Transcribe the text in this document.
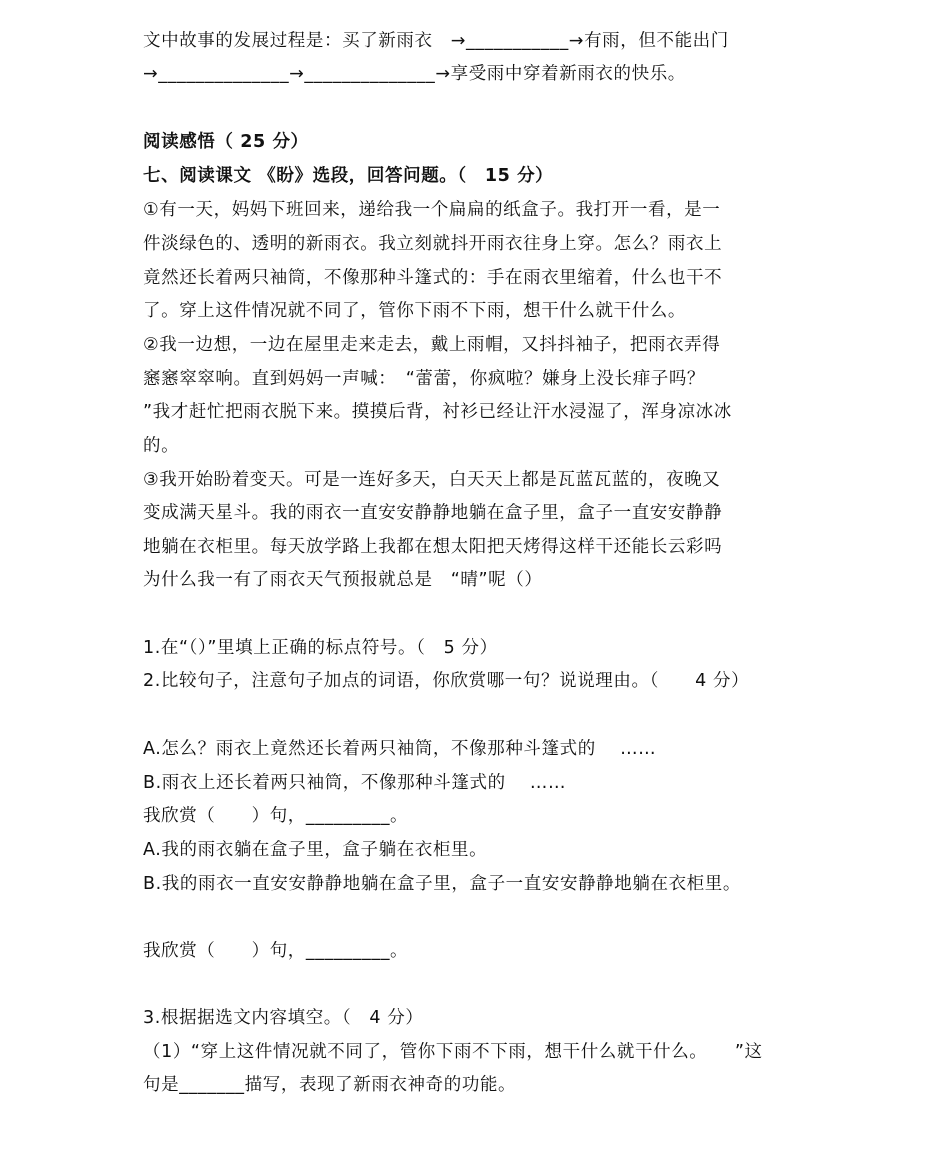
文中故事的发展过程是：买了新雨衣　→___________→有雨，但不能出门
→______________→______________→享受雨中穿着新雨衣的快乐。
阅读感悟（ 25 分）
七、阅读课文 《盼》选段，回答问题。（　15 分）
①有一天，妈妈下班回来，递给我一个扁扁的纸盒子。我打开一看，是一
件淡绿色的、透明的新雨衣。我立刻就抖开雨衣往身上穿。怎么？雨衣上
竟然还长着两只袖筒，不像那种斗篷式的：手在雨衣里缩着，什么也干不
了。穿上这件情况就不同了，管你下雨不下雨，想干什么就干什么。
②我一边想，一边在屋里走来走去，戴上雨帽，又抖抖袖子，把雨衣弄得
窸窸窣窣响。直到妈妈一声喊：　“蕾蕾，你疯啦？嫌身上没长痱子吗？
”我才赶忙把雨衣脱下来。摸摸后背，衬衫已经让汗水浸湿了，浑身凉冰冰
的。
③我开始盼着变天。可是一连好多天，白天天上都是瓦蓝瓦蓝的，夜晚又
变成满天星斗。我的雨衣一直安安静静地躺在盒子里，盒子一直安安静静
地躺在衣柜里。每天放学路上我都在想太阳把天烤得这样干还能长云彩吗
为什么我一有了雨衣天气预报就总是　“晴”呢（）
1.在“（）”里填上正确的标点符号。（　5 分）
2.比较句子，注意句子加点的词语，你欣赏哪一句？说说理由。（　　4 分）
A.怎么？雨衣上竟然还长着两只袖筒，不像那种斗篷式的　 ……
B.雨衣上还长着两只袖筒，不像那种斗篷式的　 ……
我欣赏（　　）句，_________。
A.我的雨衣躺在盒子里，盒子躺在衣柜里。
B.我的雨衣一直安安静静地躺在盒子里，盒子一直安安静静地躺在衣柜里。
我欣赏（　　）句，_________。
3.根据据选文内容填空。（　4 分）
（1）“穿上这件情况就不同了，管你下雨不下雨，想干什么就干什么。　　”这
句是_______描写，表现了新雨衣神奇的功能。
